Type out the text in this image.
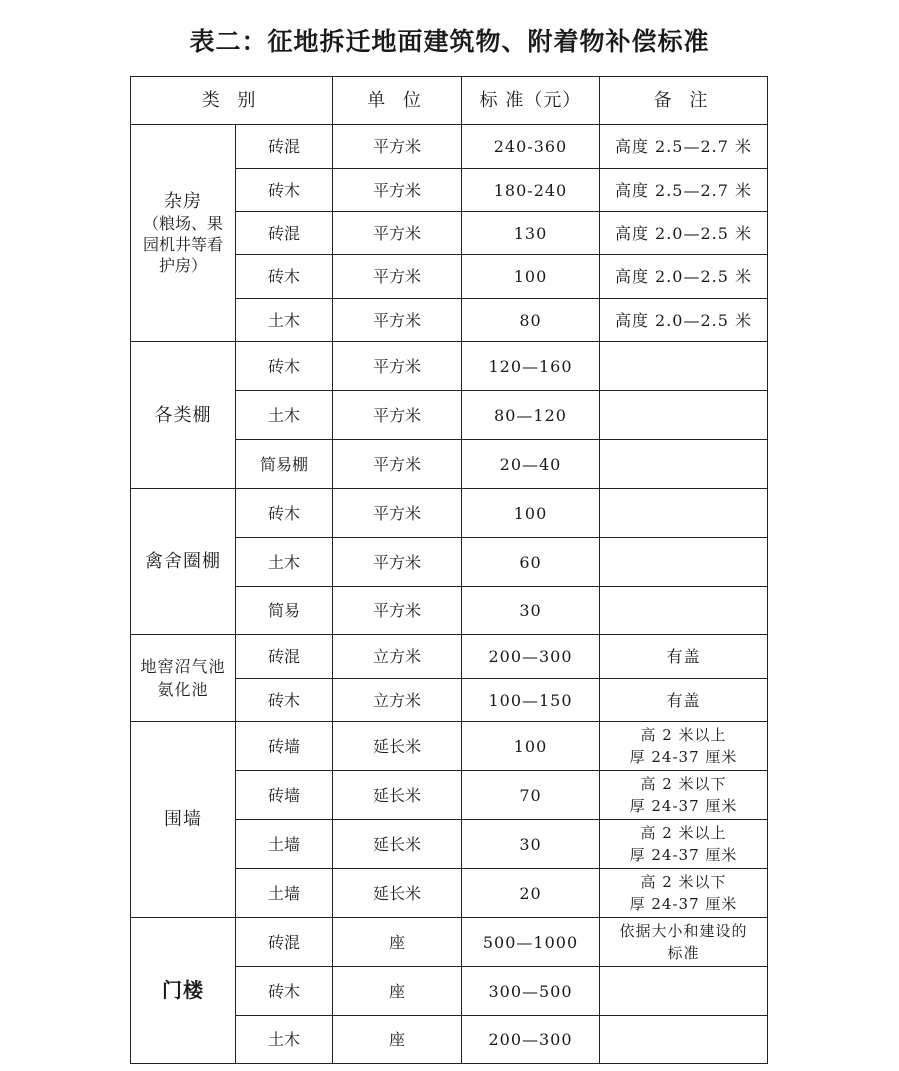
表二：征地拆迁地面建筑物、附着物补偿标准
类 别		单 位	标 准（元）	备 注
杂房
（粮场、果园机井等看护房）	砖混	平方米	240-360	高度 2.5—2.7 米
	砖木	平方米	180-240	高度 2.5—2.7 米
	砖混	平方米	130	高度 2.0—2.5 米
	砖木	平方米	100	高度 2.0—2.5 米
	土木	平方米	80	高度 2.0—2.5 米
各类棚	砖木	平方米	120—160	
	土木	平方米	80—120	
	简易棚	平方米	20—40	
禽舍圈棚	砖木	平方米	100	
	土木	平方米	60	
	简易	平方米	30	
地窖沼气池氨化池	砖混	立方米	200—300	有盖
	砖木	立方米	100—150	有盖
围墙	砖墙	延长米	100	高 2 米以上
厚 24-37 厘米

	砖墙	延长米	70	高 2 米以下
厚 24-37 厘米

	土墙	延长米	30	高 2 米以上
厚 24-37 厘米

	土墙	延长米	20	高 2 米以下
厚 24-37 厘米

门楼	砖混	座	500—1000	依据大小和建设的
标准

	砖木	座	300—500	
	土木	座	200—300	
